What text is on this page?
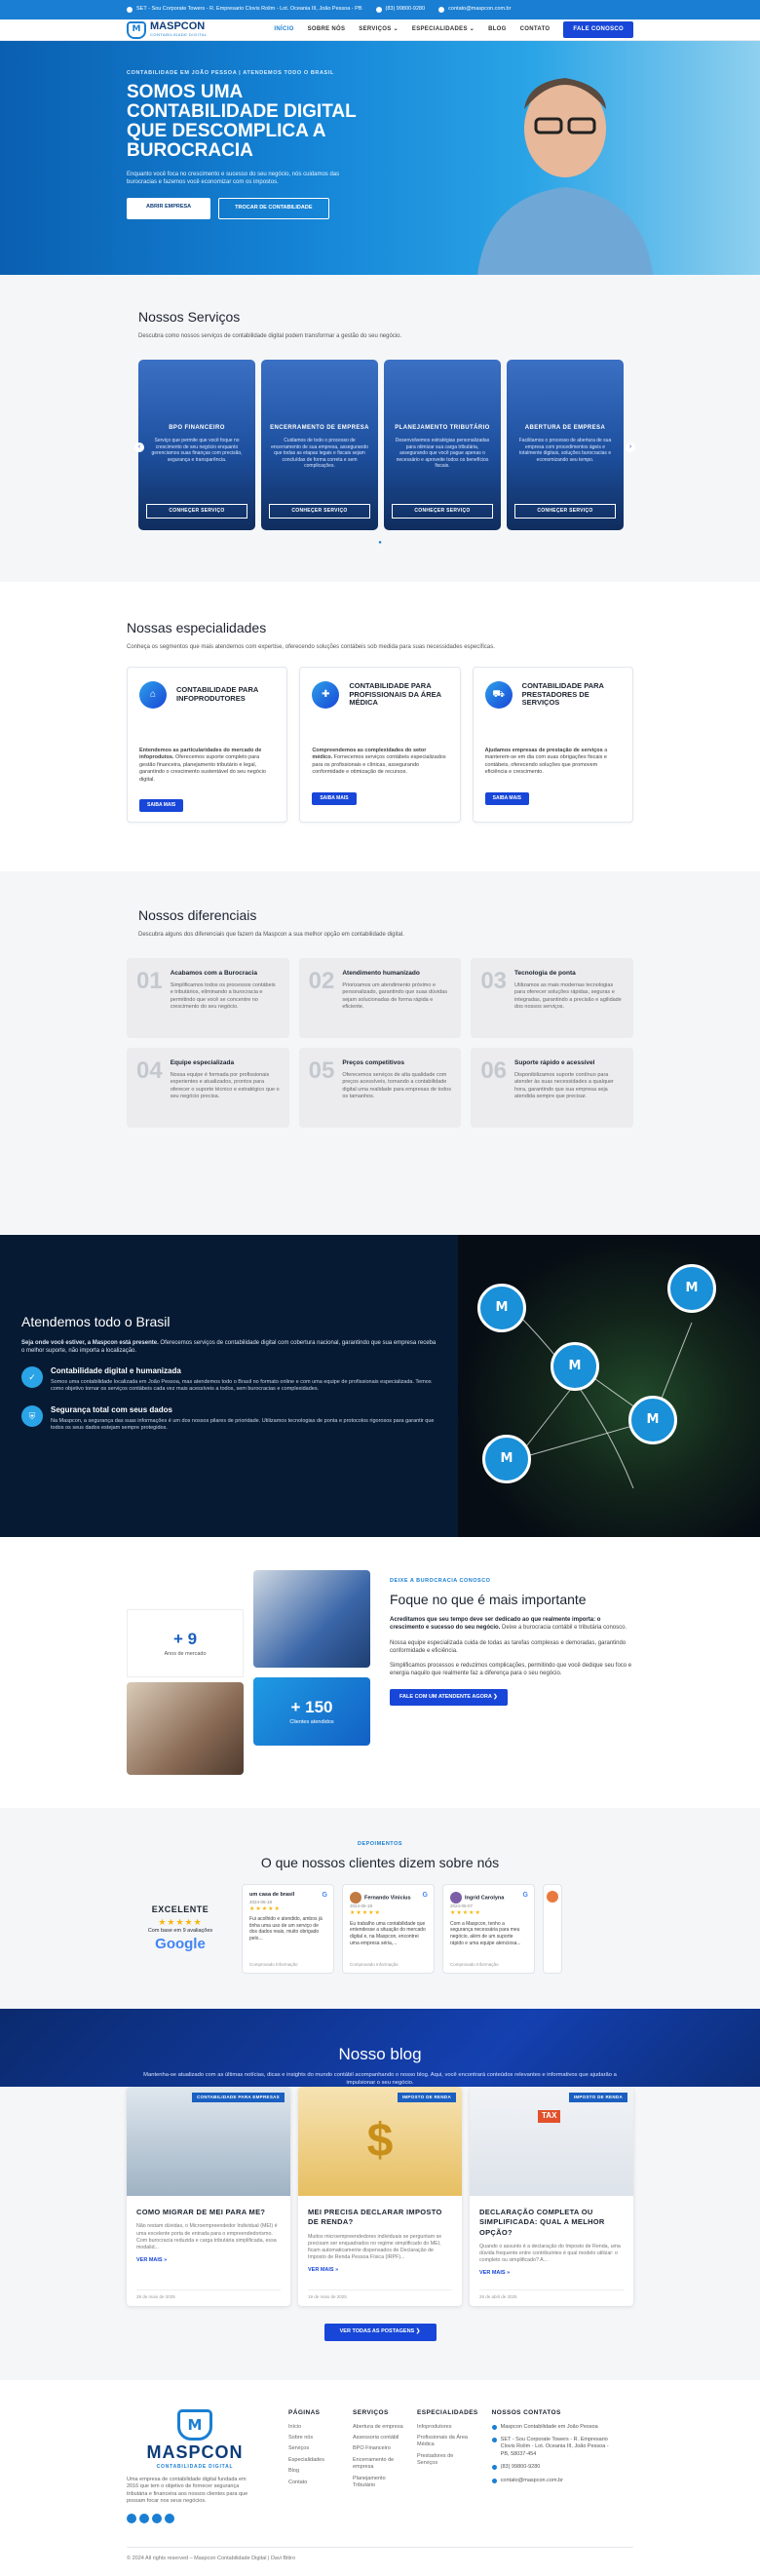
SET - Sou Corporate Towers - R. Empresario Clovis Rolim - Lot. Oceania III, João Pessoa - PB	(83) 99800-9280	contato@maspcon.com.br
M MASPCON
CONTABILIDADE DIGITAL
INÍCIO SOBRE NÓS SERVIÇOS ⌄ ESPECIALIDADES ⌄ BLOG CONTATO	FALE CONOSCO
CONTABILIDADE EM JOÃO PESSOA | ATENDEMOS TODO O BRASIL
SOMOS UMA CONTABILIDADE DIGITAL QUE DESCOMPLICA A BUROCRACIA

Enquanto você foca no crescimento e sucesso do seu negócio, nós cuidamos das burocracias e fazemos você economizar com os impostos.

ABRIR EMPRESA	TROCAR DE CONTABILIDADE
Nossos Serviços

Descubra como nossos serviços de contabilidade digital podem transformar a gestão do seu negócio.

BPO FINANCEIRO

Serviço que permite que você foque no crescimento de seu negócio enquanto gerenciamos suas finanças com precisão, segurança e transparência.

CONHEÇER SERVIÇO
ENCERRAMENTO DE EMPRESA

Cuidamos de todo o processo de encerramento de sua empresa, assegurando que todas as etapas legais e fiscais sejam concluídas de forma correta e sem complicações.

CONHEÇER SERVIÇO
PLANEJAMENTO TRIBUTÁRIO

Desenvolvemos estratégias personalizadas para otimizar sua carga tributária, assegurando que você pague apenas o necessário e aproveite todos os benefícios fiscais.

CONHEÇER SERVIÇO
ABERTURA DE EMPRESA

Facilitamos o processo de abertura de sua empresa com procedimentos ágeis e totalmente digitais, soluções burocracias e economizando seu tempo.

CONHEÇER SERVIÇO
‹	›
●
Nossas especialidades

Conheça os segmentos que mais atendemos com expertise, oferecendo soluções contábeis sob medida para suas necessidades específicas.

⌂	CONTABILIDADE PARA INFOPRODUTORES

Entendemos as particularidades do mercado de infoprodutos. Oferecemos suporte completo para gestão financeira, planejamento tributário e legal, garantindo o crescimento sustentável do seu negócio digital.

SAIBA MAIS
✚
CONTABILIDADE PARA PROFISSIONAIS DA ÁREA MÉDICA

Compreendemos as complexidades do setor médico. Fornecemos serviços contábeis especializados para os profissionais e clínicas, assegurando conformidade e otimização de recursos.

SAIBA MAIS
⛟
CONTABILIDADE PARA PRESTADORES DE SERVIÇOS

Ajudamos empresas de prestação de serviços a manterem-se em dia com suas obrigações fiscais e contábeis, oferecendo soluções que promovem eficiência e crescimento.

SAIBA MAIS
Nossos diferenciais

Descubra alguns dos diferenciais que fazem da Maspcon a sua melhor opção em contabilidade digital.

01 Acabamos com a Burocracia

Simplificamos todos os processos contábeis e tributários, eliminando a burocracia e permitindo que você se concentre no crescimento do seu negócio.

02 Atendimento humanizado

Priorizamos um atendimento próximo e personalizado, garantindo que suas dúvidas sejam solucionadas de forma rápida e eficiente.

03 Tecnologia de ponta

Utilizamos as mais modernas tecnologias para oferecer soluções rápidas, seguras e integradas, garantindo a precisão e agilidade dos nossos serviços.

04 Equipe especializada

Nossa equipe é formada por profissionais experientes e atualizados, prontos para oferecer o suporte técnico e estratégico que o seu negócio precisa.

05 Preços competitivos

Oferecemos serviços de alta qualidade com preços acessíveis, tornando a contabilidade digital uma realidade para empresas de todos os tamanhos.

06 Suporte rápido e acessível

Disponibilizamos suporte contínuo para atender às suas necessidades a qualquer hora, garantindo que sua empresa seja atendida sempre que precisar.

Atendemos todo o Brasil

Seja onde você estiver, a Maspcon está presente. Oferecemos serviços de contabilidade digital com cobertura nacional, garantindo que sua empresa receba o melhor suporte, não importa a localização.

✓
Contabilidade digital e humanizada

Somos uma contabilidade localizada em João Pessoa, mas atendemos todo o Brasil no formato online e com uma equipe de profissionais especializada. Temos como objetivo tornar os serviços contábeis cada vez mais acessíveis a todos, sem burocracias e complexidades.

⛨
Segurança total com seus dados

Na Maspcon, a segurança das suas informações é um dos nossos pilares de prioridade. Utilizamos tecnologias de ponta e protocolos rigorosos para garantir que todos os seus dados estejam sempre protegidos.

M
M
M
M
M
+ 9
Anos de mercado
+ 150
Clientes atendidos
DEIXE A BUROCRACIA CONOSCO
Foque no que é mais importante

Acreditamos que seu tempo deve ser dedicado ao que realmente importa: o crescimento e sucesso do seu negócio. Deixe a burocracia contábil e tributária conosco.

Nossa equipe especializada cuida de todas as tarefas complexas e demoradas, garantindo conformidade e eficiência.

Simplificamos processos e reduzimos complicações, permitindo que você dedique seu foco e energia naquilo que realmente faz a diferença para o seu negócio.

FALE COM UM ATENDENTE AGORA ❯
DEPOIMENTOS
O que nossos clientes dizem sobre nós
EXCELENTE
★★★★★
Com base em 9 avaliações
Google
G
um casa de brasil
2024-06-18
★★★★★

Fui acolhido e atendido, ambos já tinha uma uso de um serviço de dos dados reais, muito obrigado pelo...

Comprovado Informação
G
Fernando Vinicius
2024-06-18
★★★★★

Eu trabalho uma contabilidade que entendesse a situação do mercado digital e, na Maspcon, encontrei uma empresa séria,...

Comprovado Informação
G
Ingrid Carolyna
2024-06-07
★★★★★

Com a Maspcon, tenho a segurança necessária para meu negócio, além de um suporte rápido e uma equipe atenciosa...

Comprovado Informação
Nosso blog

Mantenha-se atualizado com as últimas notícias, dicas e insights do mundo contábil acompanhando o nosso blog. Aqui, você encontrará conteúdos relevantes e informativos que ajudarão a impulsionar o seu negócio.

CONTABILIDADE PARA EMPRESAS
COMO MIGRAR DE MEI PARA ME?

Não restam dúvidas, o Microempreendedor Individual (MEI) é uma excelente porta de entrada para o empreendedorismo. Com burocracia reduzida e carga tributária simplificada, essa modalid...

VER MAIS »
28 de maio de 2025
$
IMPOSTO DE RENDA
MEI PRECISA DECLARAR IMPOSTO DE RENDA?

Muitos microempreendedores individuais se perguntam se precisam ser enquadrados no regime simplificado do MEI, ficam automaticamente dispensados de Declaração de Imposto de Renda Pessoa Física (IRPF)...

VER MAIS »
19 de maio de 2025
TAX
IMPOSTO DE RENDA
DECLARAÇÃO COMPLETA OU SIMPLIFICADA: QUAL A MELHOR OPÇÃO?

Quando o assunto é a declaração do Imposto de Renda, uma dúvida frequente entre contribuintes é qual modelo utilizar: o completo ou simplificado? A...

VER MAIS »
28 de abril de 2025
VER TODAS AS POSTAGENS ❯
M
MASPCON
CONTABILIDADE DIGITAL

Uma empresa de contabilidade digital fundada em 2016 que tem o objetivo de fornecer segurança tributária e financeira aos nossos clientes para que possam focar nos seus negócios.

PÁGINAS
Início
Sobre nós
Serviços
Especialidades
Blog
Contato
SERVIÇOS
Abertura de empresa
Assessoria contábil
BPO Financeiro
Encerramento de empresa
Planejamento Tributário
ESPECIALIDADES
Infoprodutores
Profissionais da Área Médica
Prestadores de Serviços
NOSSOS CONTATOS
Maspcon Contabilidade em João Pessoa
SET - Sou Corporate Towers - R. Empresario Clovis Rolim - Lot. Oceania III, João Pessoa - PB, 58037-454
(83) 99800-9280
contato@maspcon.com.br
© 2024 All rights reserved – Maspcon Contabilidade Digital | Davi Bitiro
